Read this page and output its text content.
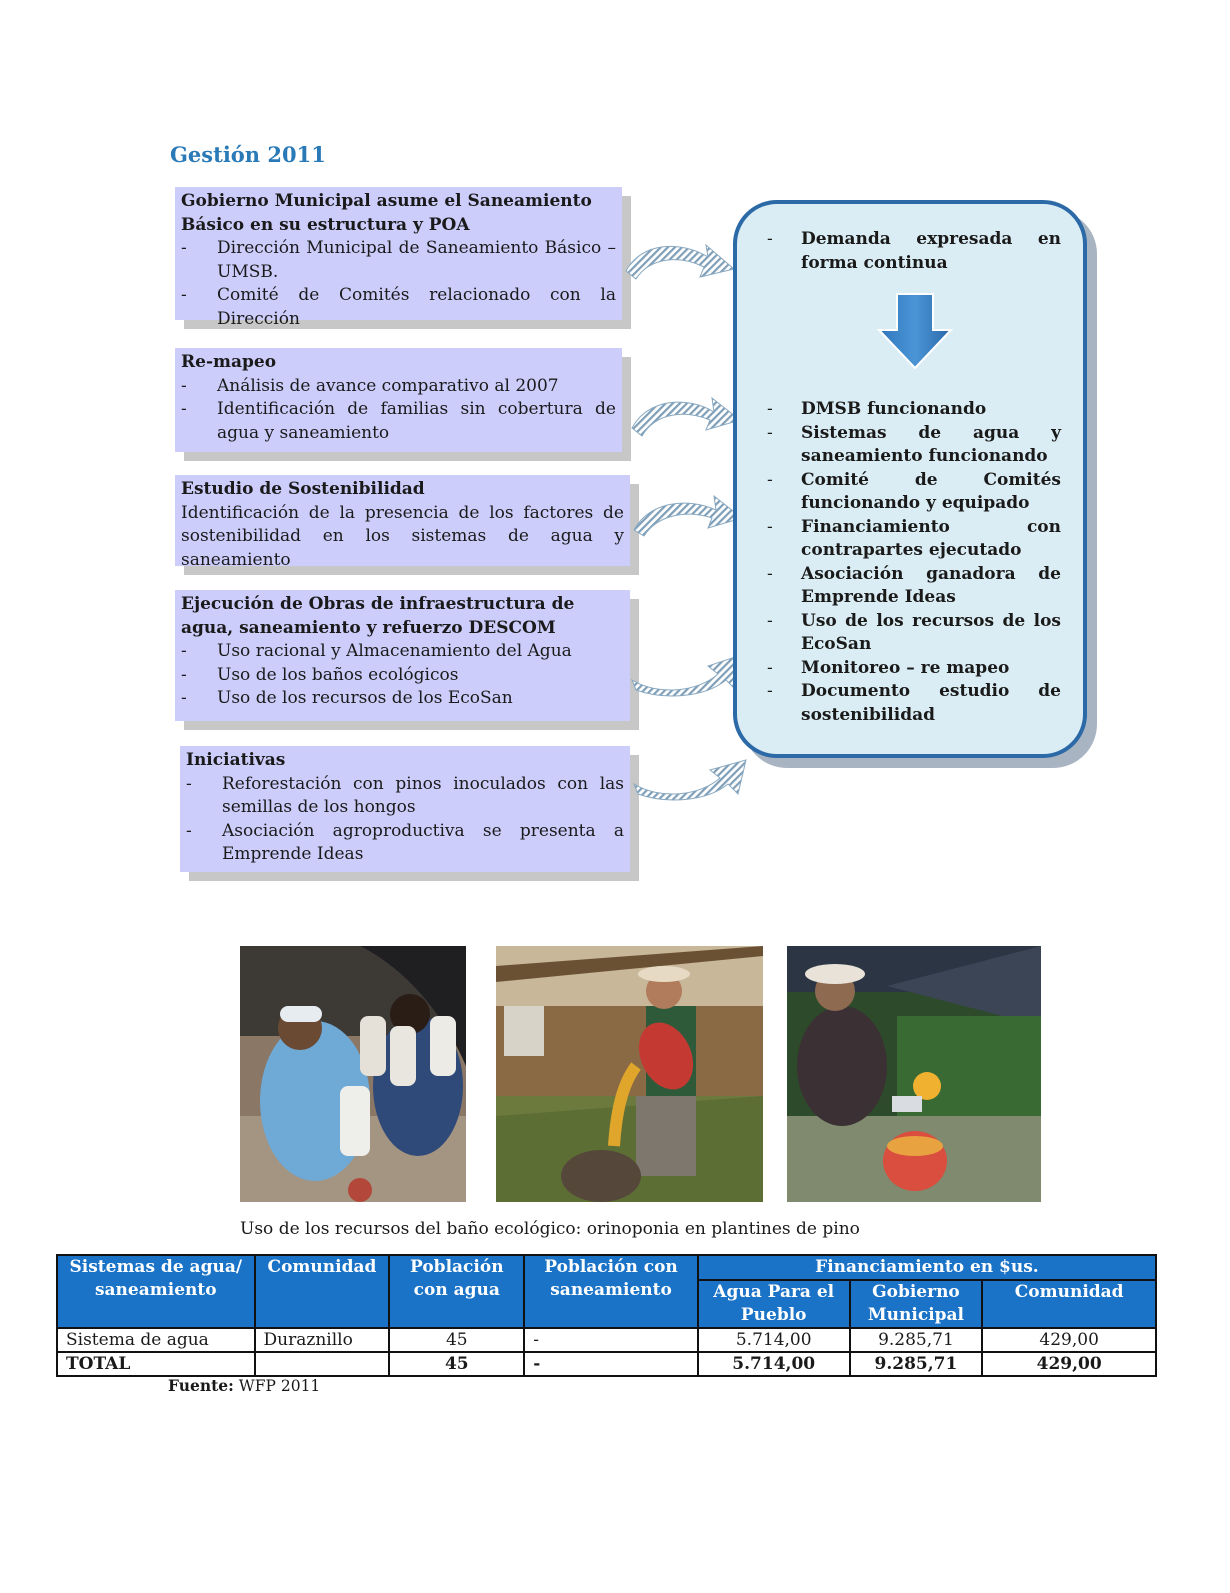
Gestión 2011
Gobierno Municipal asume el Saneamiento Básico en su estructura y POA
- Dirección Municipal de Saneamiento Básico – UMSB.
- Comité de Comités relacionado con la Dirección
Re-mapeo
- Análisis de avance comparativo al 2007
- Identificación de familias sin cobertura de agua y saneamiento
Estudio de Sostenibilidad
Identificación de la presencia de los factores de sostenibilidad en los sistemas de agua y saneamiento
Ejecución de Obras de infraestructura de agua, saneamiento y refuerzo DESCOM
- Uso racional y Almacenamiento del Agua
- Uso de los baños ecológicos
- Uso de los recursos de los EcoSan
Iniciativas
- Reforestación con pinos inoculados con las semillas de los hongos
- Asociación agroproductiva se presenta a Emprende Ideas
- Demanda expresada en forma continua
- DMSB funcionando
- Sistemas de agua y saneamiento funcionando
- Comité de Comités funcionando y equipado
- Financiamiento con contrapartes ejecutado
- Asociación ganadora de Emprende Ideas
- Uso de los recursos de los EcoSan
- Monitoreo – re mapeo
- Documento estudio de sostenibilidad
Uso de los recursos del baño ecológico: orinoponia en plantines de pino
Sistemas de agua/ saneamiento	Comunidad	Población con agua	Población con saneamiento	Financiamiento en $us.		
				Agua Para el Pueblo	Gobierno Municipal	Comunidad
Sistema de agua	Duraznillo	45	-	5.714,00	9.285,71	429,00
TOTAL		45	-	5.714,00	9.285,71	429,00
Fuente: WFP 2011
